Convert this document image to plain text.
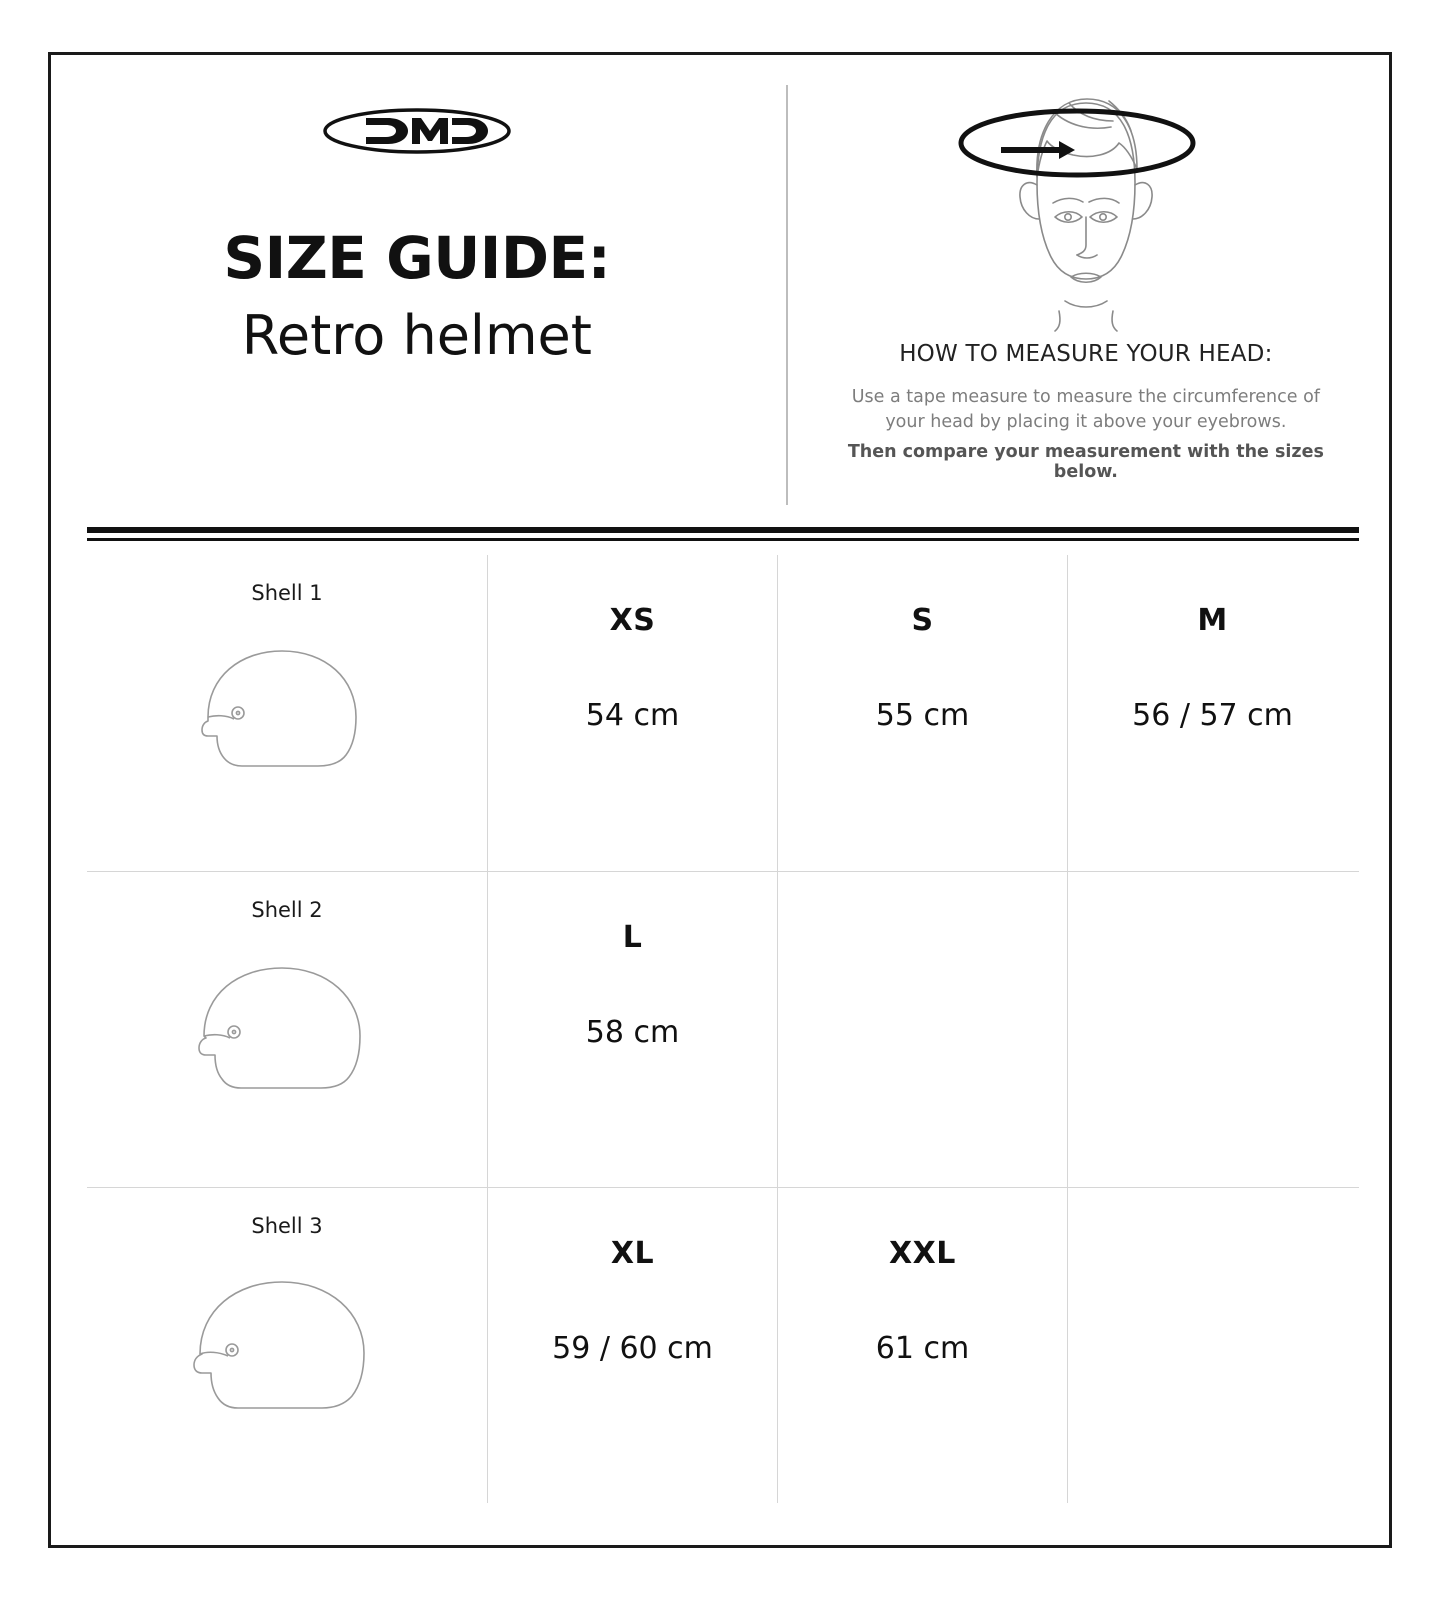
SIZE GUIDE:
Retro helmet	HOW TO MEASURE YOUR HEAD:
Use a tape measure to measure the circumference of your head by placing it above your eyebrows.
Then compare your measurement with the sizes below.
Shell 1
XS
54 cm
S
55 cm
M
56 / 57 cm
Shell 2
L
58 cm
Shell 3
XL
59 / 60 cm
XXL
61 cm
